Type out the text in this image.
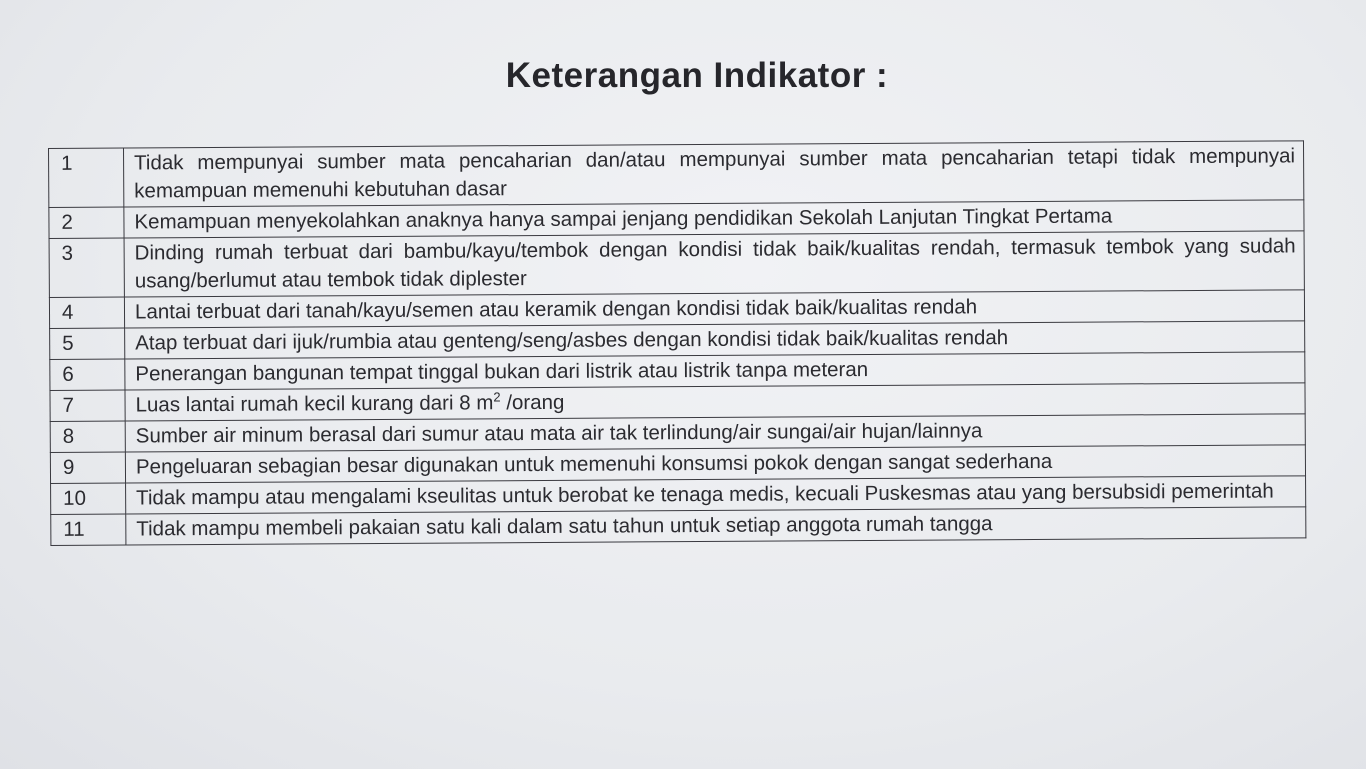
Keterangan Indikator :
1	Tidak mempunyai sumber mata pencaharian dan/atau mempunyai sumber mata pencaharian tetapi tidak mempunyai kemampuan memenuhi kebutuhan dasar
2	Kemampuan menyekolahkan anaknya hanya sampai jenjang pendidikan Sekolah Lanjutan Tingkat Pertama
3	Dinding rumah terbuat dari bambu/kayu/tembok dengan kondisi tidak baik/kualitas rendah, termasuk tembok yang sudah usang/berlumut atau tembok tidak diplester
4	Lantai terbuat dari tanah/kayu/semen atau keramik dengan kondisi tidak baik/kualitas rendah
5	Atap terbuat dari ijuk/rumbia atau genteng/seng/asbes dengan kondisi tidak baik/kualitas rendah
6	Penerangan bangunan tempat tinggal bukan dari listrik atau listrik tanpa meteran
7	Luas lantai rumah kecil kurang dari 8 $m^2$ /orang
8	Sumber air minum berasal dari sumur atau mata air tak terlindung/air sungai/air hujan/lainnya
9	Pengeluaran sebagian besar digunakan untuk memenuhi konsumsi pokok dengan sangat sederhana
10	Tidak mampu atau mengalami kseulitas untuk berobat ke tenaga medis, kecuali Puskesmas atau yang bersubsidi pemerintah
11	Tidak mampu membeli pakaian satu kali dalam satu tahun untuk setiap anggota rumah tangga
